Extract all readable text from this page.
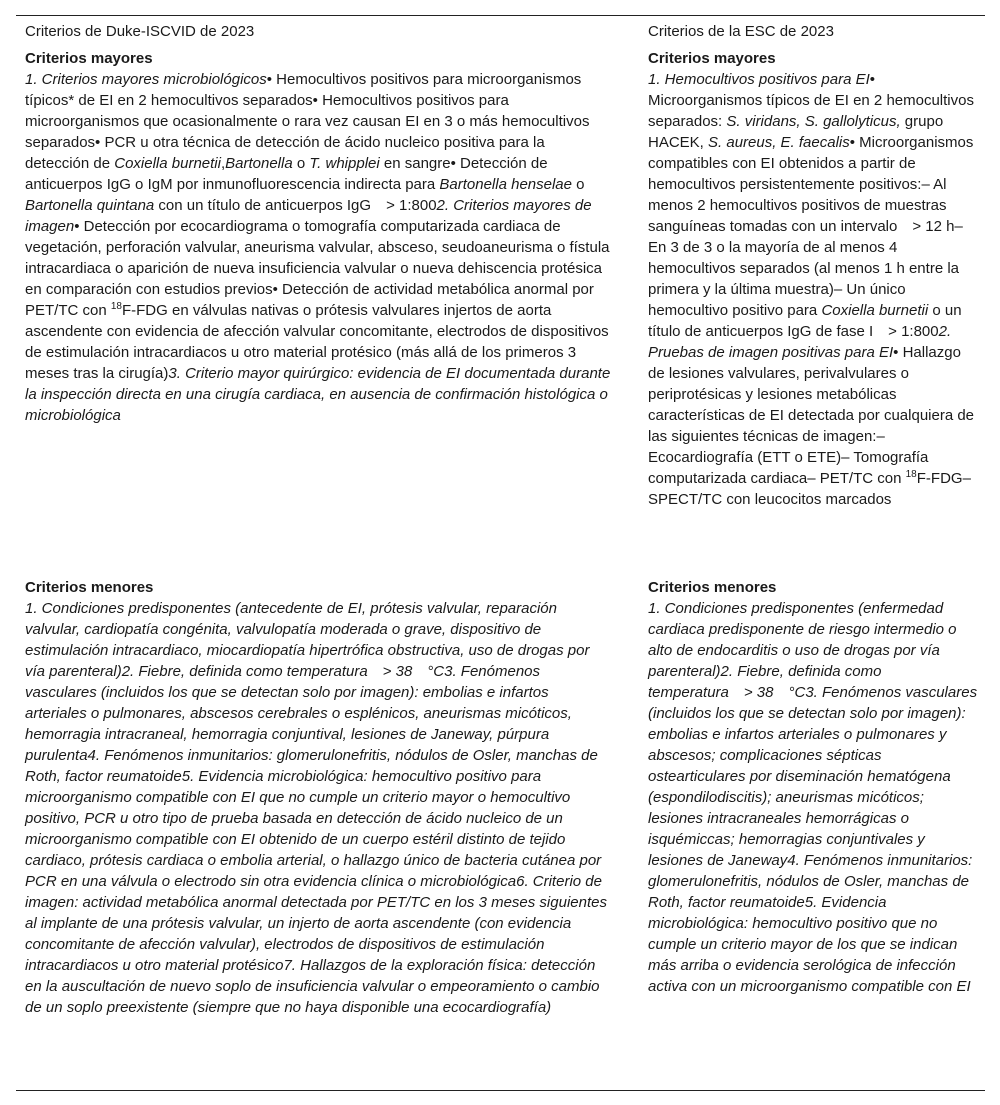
Criterios de Duke-ISCVID de 2023

Criterios mayores

1. Criterios mayores microbiológicos• Hemocultivos positivos para microorganismos típicos* de EI en 2 hemocultivos separados• Hemocultivos positivos para microorganismos que ocasionalmente o rara vez causan EI en 3 o más hemocultivos separados• PCR u otra técnica de detección de ácido nucleico positiva para la detección de Coxiella burnetii,Bartonella o T. whipplei en sangre• Detección de anticuerpos IgG o IgM por inmunofluorescencia indirecta para Bartonella henselae o Bartonella quintana con un título de anticuerpos IgG > 1:8002. Criterios mayores de imagen• Detección por ecocardiograma o tomografía computarizada cardiaca de vegetación, perforación valvular, aneurisma valvular, absceso, seudoaneurisma o fístula intracardiaca o aparición de nueva insuficiencia valvular o nueva dehiscencia protésica en comparación con estudios previos• Detección de actividad metabólica anormal por PET/TC con $^{18}$F-FDG en válvulas nativas o prótesis valvulares injertos de aorta ascendente con evidencia de afección valvular concomitante, electrodos de dispositivos de estimulación intracardiacos u otro material protésico (más allá de los primeros 3 meses tras la cirugía)3. Criterio mayor quirúrgico: evidencia de EI documentada durante la inspección directa en una cirugía cardiaca, en ausencia de confirmación histológica o microbiológica

Criterios menores

1. Condiciones predisponentes (antecedente de EI, prótesis valvular, reparación valvular, cardiopatía congénita, valvulopatía moderada o grave, dispositivo de estimulación intracardiaco, miocardiopatía hipertrófica obstructiva, uso de drogas por vía parenteral)2. Fiebre, definida como temperatura > 38 °C3. Fenómenos vasculares (incluidos los que se detectan solo por imagen): embolias e infartos arteriales o pulmonares, abscesos cerebrales o esplénicos, aneurismas micóticos, hemorragia intracraneal, hemorragia conjuntival, lesiones de Janeway, púrpura purulenta4. Fenómenos inmunitarios: glomerulonefritis, nódulos de Osler, manchas de Roth, factor reumatoide5. Evidencia microbiológica: hemocultivo positivo para microorganismo compatible con EI que no cumple un criterio mayor o hemocultivo positivo, PCR u otro tipo de prueba basada en detección de ácido nucleico de un microorganismo compatible con EI obtenido de un cuerpo estéril distinto de tejido cardiaco, prótesis cardiaca o embolia arterial, o hallazgo único de bacteria cutánea por PCR en una válvula o electrodo sin otra evidencia clínica o microbiológica6. Criterio de imagen: actividad metabólica anormal detectada por PET/TC en los 3 meses siguientes al implante de una prótesis valvular, un injerto de aorta ascendente (con evidencia concomitante de afección valvular), electrodos de dispositivos de estimulación intracardiacos u otro material protésico7. Hallazgos de la exploración física: detección en la auscultación de nuevo soplo de insuficiencia valvular o empeoramiento o cambio de un soplo preexistente (siempre que no haya disponible una ecocardiografía)

Criterios de la ESC de 2023

Criterios mayores

1. Hemocultivos positivos para EI• Microorganismos típicos de EI en 2 hemocultivos separados: S. viridans, S. gallolyticus, grupo HACEK, S. aureus, E. faecalis• Microorganismos compatibles con EI obtenidos a partir de hemocultivos persistentemente positivos:– Al menos 2 hemocultivos positivos de muestras sanguíneas tomadas con un intervalo > 12 h– En 3 de 3 o la mayoría de al menos 4 hemocultivos separados (al menos 1 h entre la primera y la última muestra)– Un único hemocultivo positivo para Coxiella burnetii o un título de anticuerpos IgG de fase I > 1:8002. Pruebas de imagen positivas para EI• Hallazgo de lesiones valvulares, perivalvulares o periprotésicas y lesiones metabólicas características de EI detectada por cualquiera de las siguientes técnicas de imagen:– Ecocardiografía (ETT o ETE)– Tomografía computarizada cardiaca– PET/TC con $^{18}$F-FDG– SPECT/TC con leucocitos marcados

Criterios menores

1. Condiciones predisponentes (enfermedad cardiaca predisponente de riesgo intermedio o alto de endocarditis o uso de drogas por vía parenteral)2. Fiebre, definida como temperatura > 38 °C3. Fenómenos vasculares (incluidos los que se detectan solo por imagen): embolias e infartos arteriales o pulmonares y abscesos; complicaciones sépticas ostearticulares por diseminación hematógena (espondilodiscitis); aneurismas micóticos; lesiones intracraneales hemorrágicas o isquémiccas; hemorragias conjuntivales y lesiones de Janeway4. Fenómenos inmunitarios: glomerulonefritis, nódulos de Osler, manchas de Roth, factor reumatoide5. Evidencia microbiológica: hemocultivo positivo que no cumple un criterio mayor de los que se indican más arriba o evidencia serológica de infección activa con un microorganismo compatible con EI
